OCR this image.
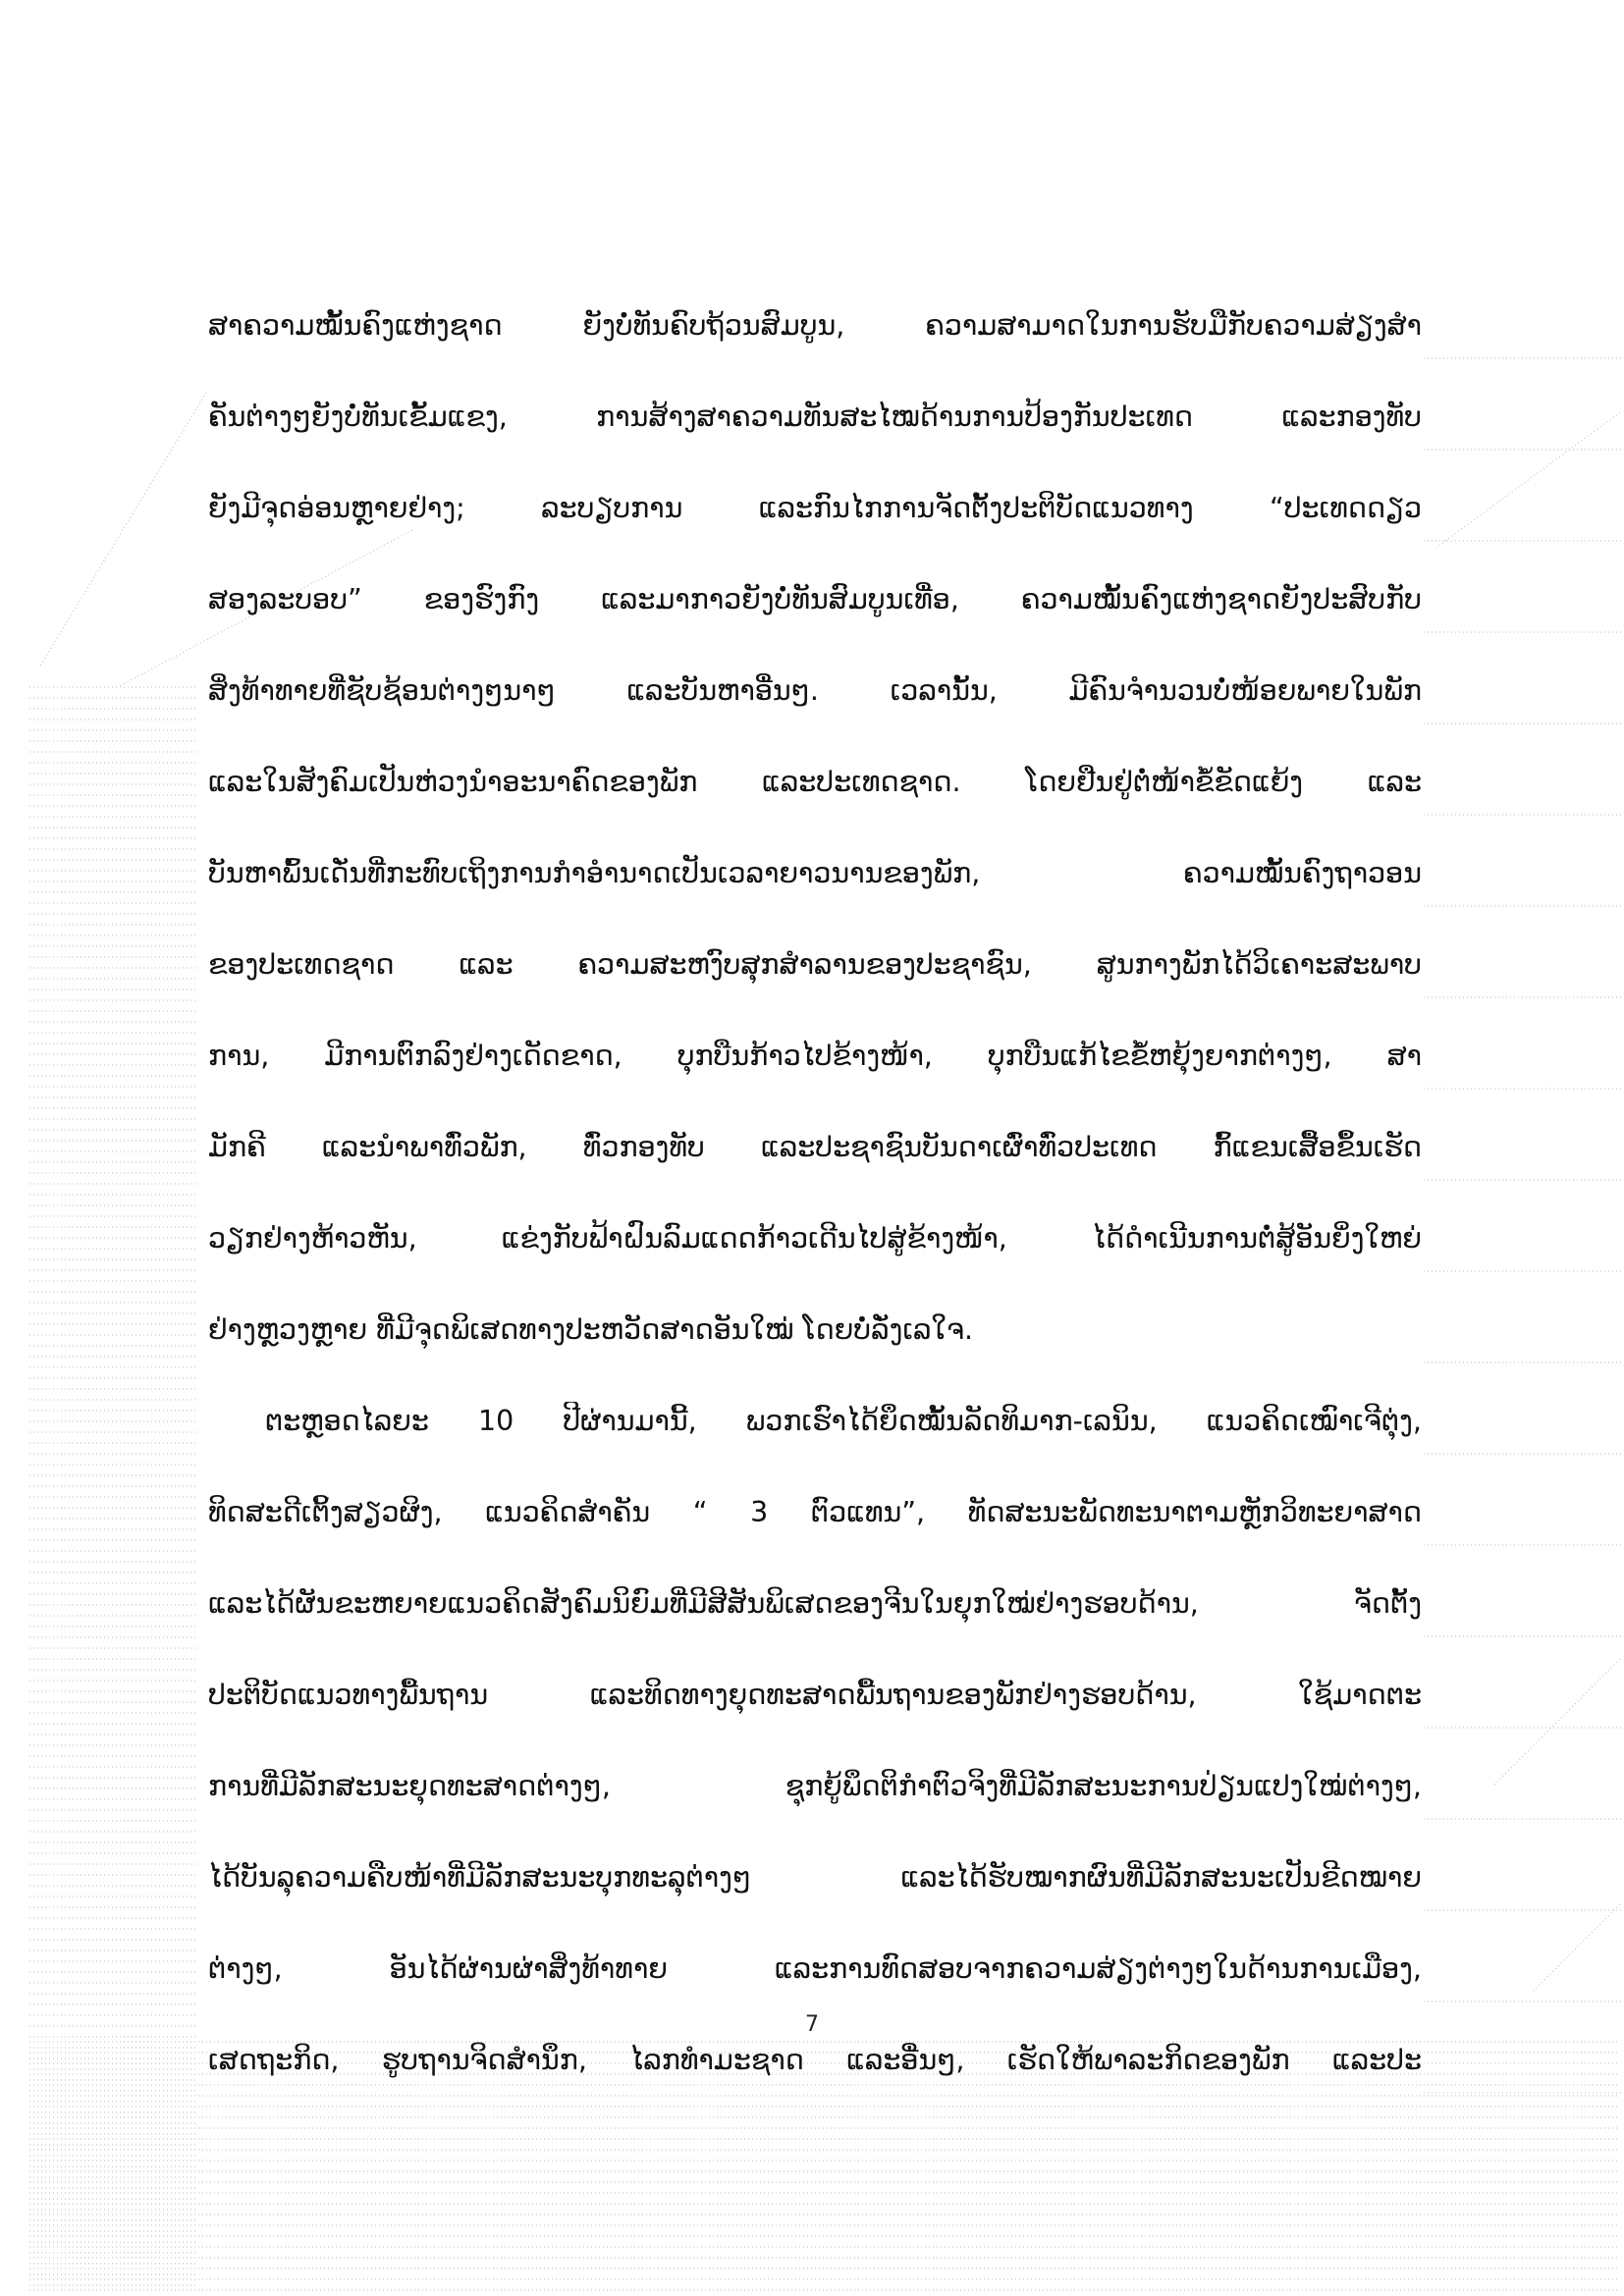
ສາຄວາມໝັ້ນຄົງແຫ່ງຊາດ ຍັງບໍ່ທັນຄົບຖ້ວນສົມບູນ, ຄວາມສາມາດໃນການຮັບມືກັບຄວາມສ່ຽງສຳ
ຄັນຕ່າງໆຍັງບໍ່ທັນເຂັ້ມແຂງ, ການສ້າງສາຄວາມທັນສະໄໝດ້ານການປ້ອງກັນປະເທດ ແລະກອງທັບ
ຍັງມີຈຸດອ່ອນຫຼາຍຢ່າງ; ລະບຽບການ ແລະກົນໄກການຈັດຕັ້ງປະຕິບັດແນວທາງ “ປະເທດດຽວ
ສອງລະບອບ” ຂອງຮົງກົງ ແລະມາກາວຍັງບໍ່ທັນສົມບູນເທື່ອ, ຄວາມໝັ້ນຄົງແຫ່ງຊາດຍັງປະສົບກັບ
ສິ່ງທ້າທາຍທີ່ຊັບຊ້ອນຕ່າງໆນາໆ ແລະບັນຫາອື່ນໆ. ເວລານັ້ນ, ມີຄົນຈຳນວນບໍ່ໜ້ອຍພາຍໃນພັກ
ແລະໃນສັງຄົມເປັນຫ່ວງນຳອະນາຄົດຂອງພັກ ແລະປະເທດຊາດ. ໂດຍຢືນຢູ່ຕໍ່ໜ້າຂໍ້ຂັດແຍ້ງ ແລະ
ບັນຫາພົ້ນເດັ່ນທີ່ກະທົບເຖິງການກຳອຳນາດເປັນເວລາຍາວນານຂອງພັກ, ຄວາມໝັ້ນຄົງຖາວອນ
ຂອງປະເທດຊາດ ແລະ ຄວາມສະຫງົບສຸກສຳລານຂອງປະຊາຊົນ, ສູນກາງພັກໄດ້ວິເຄາະສະພາບ
ການ, ມີການຕົກລົງຢ່າງເດັດຂາດ, ບຸກບືນກ້າວໄປຂ້າງໜ້າ, ບຸກບືນແກ້ໄຂຂໍ້ຫຍຸ້ງຍາກຕ່າງໆ, ສາ
ມັກຄີ ແລະນຳພາທົ່ວພັກ, ທົ່ວກອງທັບ ແລະປະຊາຊົນບັນດາເຜົ່າທົ່ວປະເທດ ກົ້ແຂນເສື້ອຂຶ້ນເຮັດ
ວຽກຢ່າງຫ້າວຫັນ, ແຂ່ງກັບຟ້າຝົນລົມແດດກ້າວເດີນໄປສູ່ຂ້າງໜ້າ, ໄດ້ດຳເນີນການຕໍ່ສູ້ອັນຍິ່ງໃຫຍ່
ຢ່າງຫຼວງຫຼາຍ ທີ່ມີຈຸດພິເສດທາງປະຫວັດສາດອັນໃໝ່ ໂດຍບໍ່ລັ່ງເລໃຈ.
ຕະຫຼອດໄລຍະ 10 ປີຜ່ານມານີ້, ພວກເຮົາໄດ້ຍຶດໝັ້ນລັດທິມາກ-ເລນິນ, ແນວຄິດເໝົາເຈີຕຸ່ງ,
ທິດສະດີເຕິ້ງສຽວຜິງ, ແນວຄິດສຳຄັນ “ 3 ຕົວແທນ”, ທັດສະນະພັດທະນາຕາມຫຼັກວິທະຍາສາດ
ແລະໄດ້ຜັນຂະຫຍາຍແນວຄິດສັງຄົມນິຍົມທີ່ມີສີສັນພິເສດຂອງຈີນໃນຍຸກໃໝ່ຢ່າງຮອບດ້ານ, ຈັດຕັ້ງ
ປະຕິບັດແນວທາງພື້ນຖານ ແລະທິດທາງຍຸດທະສາດພື້ນຖານຂອງພັກຢ່າງຮອບດ້ານ, ໃຊ້ມາດຕະ
ການທີ່ມີລັກສະນະຍຸດທະສາດຕ່າງໆ, ຊຸກຍູ້ພຶດຕິກຳຕົວຈິງທີ່ມີລັກສະນະການປ່ຽນແປງໃໝ່ຕ່າງໆ,
ໄດ້ບັນລຸຄວາມຄືບໜ້າທີ່ມີລັກສະນະບຸກທະລຸຕ່າງໆ ແລະໄດ້ຮັບໝາກຜົນທີ່ມີລັກສະນະເປັນຂີດໝາຍ
ຕ່າງໆ, ອັນໄດ້ຜ່ານຜ່າສິ່ງທ້າທາຍ ແລະການທົດສອບຈາກຄວາມສ່ຽງຕ່າງໆໃນດ້ານການເມືອງ,
ເສດຖະກິດ, ຮູບຖານຈິດສຳນຶກ, ໄລກທຳມະຊາດ ແລະອື່ນໆ, ເຮັດໃຫ້ພາລະກິດຂອງພັກ ແລະປະ
7
